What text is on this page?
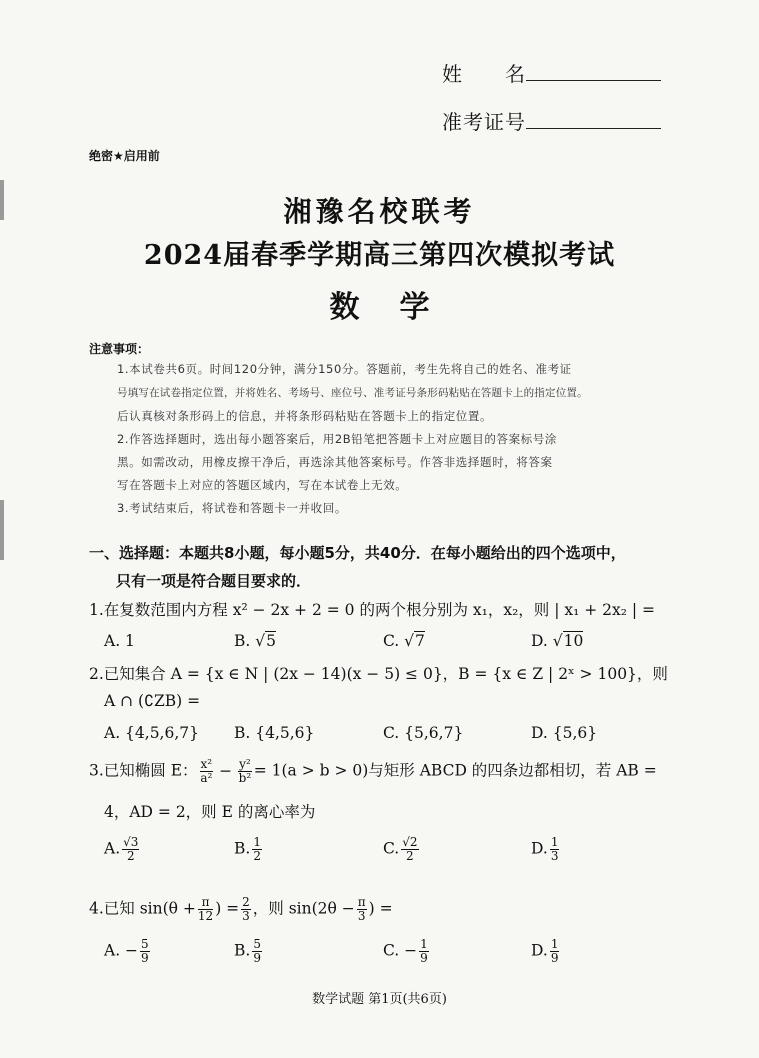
姓　　名
准考证号
绝密★启用前
湘豫名校联考
2024届春季学期高三第四次模拟考试
数学
注意事项：
1.本试卷共6页。时间120分钟，满分150分。答题前，考生先将自己的姓名、准考证
号填写在试卷指定位置，并将姓名、考场号、座位号、准考证号条形码粘贴在答题卡上的指定位置。
后认真核对条形码上的信息，并将条形码粘贴在答题卡上的指定位置。
2.作答选择题时，选出每小题答案后，用2B铅笔把答题卡上对应题目的答案标号涂
黑。如需改动，用橡皮擦干净后，再选涂其他答案标号。作答非选择题时，将答案
写在答题卡上对应的答题区域内，写在本试卷上无效。
3.考试结束后，将试卷和答题卡一并收回。
一、选择题：本题共8小题，每小题5分，共40分．在每小题给出的四个选项中，
只有一项是符合题目要求的．
1.在复数范围内方程 x² − 2x + 2 = 0 的两个根分别为 x₁，x₂，则 | x₁ + 2x₂ | =
A. 1	B. √5	C. √7	D. √10
2.已知集合 A = {x ∈ N | (2x − 14)(x − 5) ≤ 0}，B = {x ∈ Z | 2ˣ > 100}，则
A ∩ (∁ZB) =
A. {4,5,6,7} B. {4,5,6}	C. {5,6,7}	D. {5,6}
3.已知椭圆 E： $\frac{\text{x²}}{\text{a²}} - \frac{\text{y²}}{\text{b²}} = 1(a > b > 0)$与矩形 ABCD 的四条边都相切，若 AB =
4，AD = 2，则 E 的离心率为
A. $\frac{√3}{2}$	B. $\frac{1}{2}$	C. $\frac{√2}{2}$	D. $\frac{1}{3}$
4.已知 $\sin(\theta + \frac{\pi}{12}$ ) = $\frac{2}{3}$ ，则 $\sin(2\theta - \frac{\pi}{3}$ ) =
A. − $\frac{5}{9}$	B. $\frac{5}{9}$	C. − $\frac{1}{9}$	D. $\frac{1}{9}$
数学试题 第1页(共6页)
